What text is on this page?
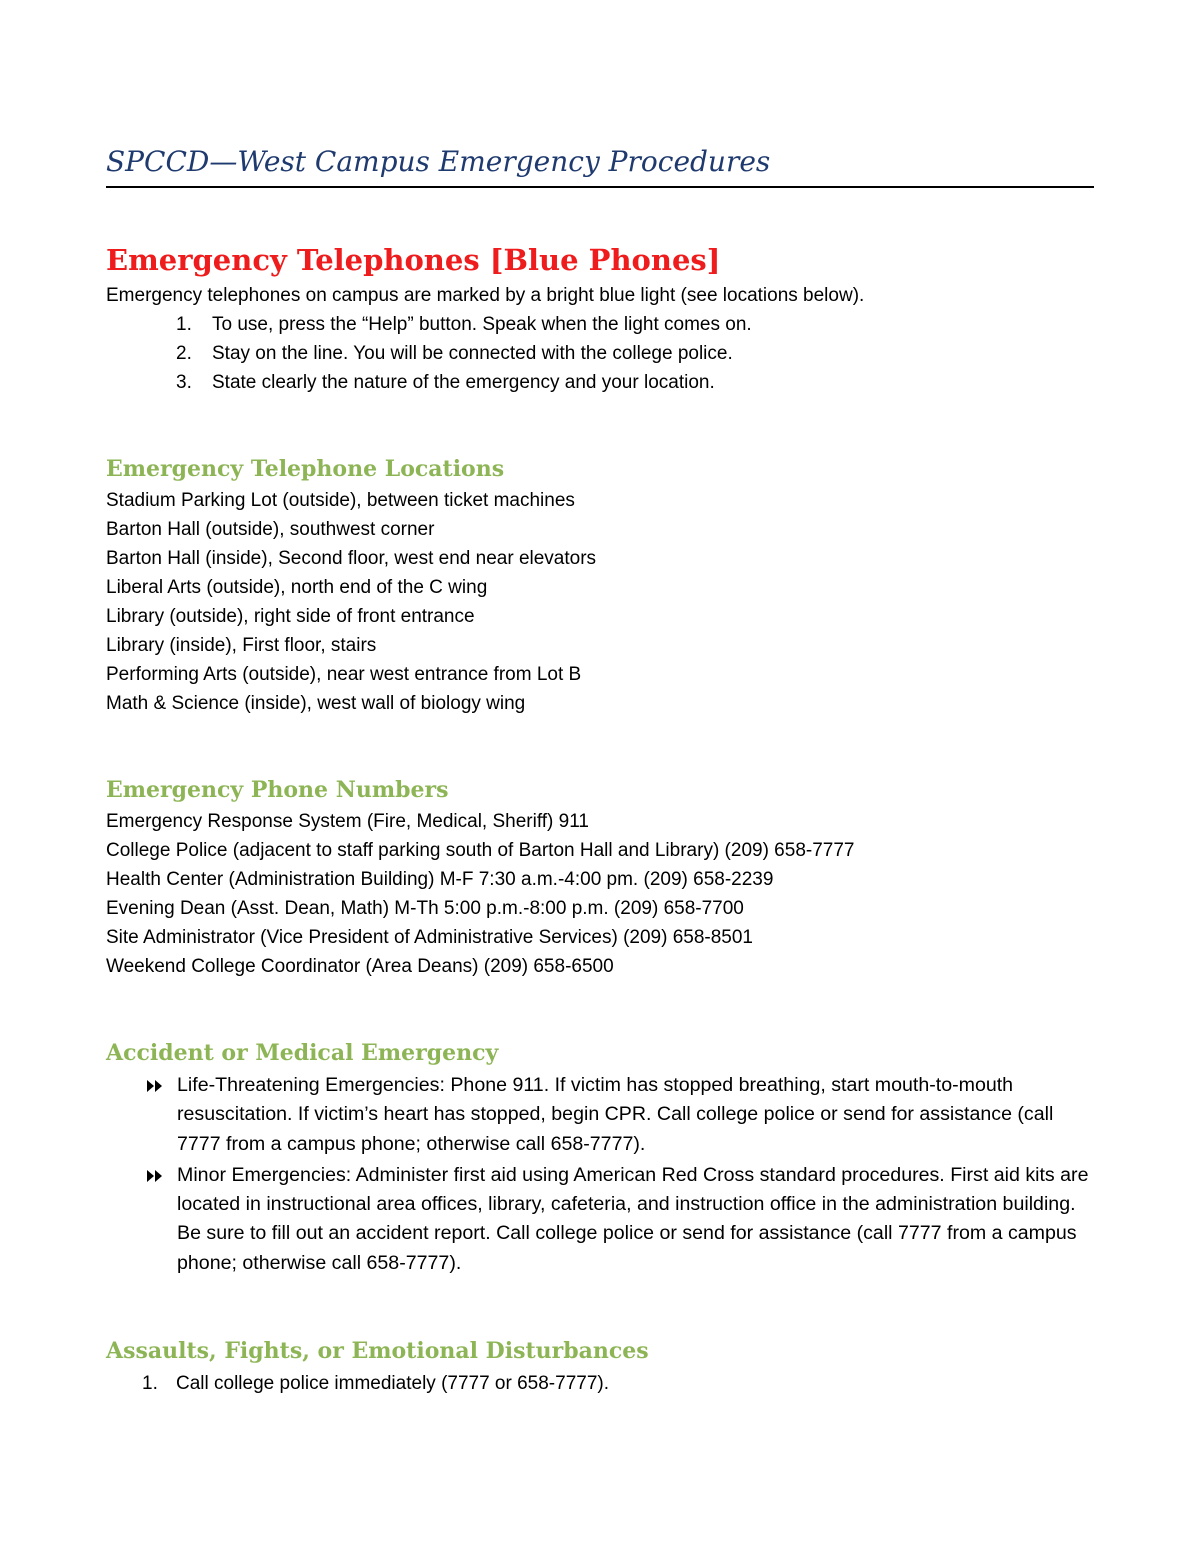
SPCCD—West Campus Emergency Procedures
Emergency Telephones [Blue Phones]

Emergency telephones on campus are marked by a bright blue light (see locations below).

1. To use, press the “Help” button. Speak when the light comes on.
2. Stay on the line. You will be connected with the college police.
3. State clearly the nature of the emergency and your location.
Emergency Telephone Locations
Stadium Parking Lot (outside), between ticket machines
Barton Hall (outside), southwest corner
Barton Hall (inside), Second floor, west end near elevators
Liberal Arts (outside), north end of the C wing
Library (outside), right side of front entrance
Library (inside), First floor, stairs
Performing Arts (outside), near west entrance from Lot B
Math & Science (inside), west wall of biology wing
Emergency Phone Numbers
Emergency Response System (Fire, Medical, Sheriff) 911
College Police (adjacent to staff parking south of Barton Hall and Library) (209) 658-7777
Health Center (Administration Building) M-F 7:30 a.m.-4:00 pm. (209) 658-2239
Evening Dean (Asst. Dean, Math) M-Th 5:00 p.m.-8:00 p.m. (209) 658-7700
Site Administrator (Vice President of Administrative Services) (209) 658-8501
Weekend College Coordinator (Area Deans) (209) 658-6500
Accident or Medical Emergency
Life-Threatening Emergencies: Phone 911. If victim has stopped breathing, start mouth-to-mouth resuscitation. If victim’s heart has stopped, begin CPR. Call college police or send for assistance (call 7777 from a campus phone; otherwise call 658-7777).
Minor Emergencies: Administer first aid using American Red Cross standard procedures. First aid kits are located in instructional area offices, library, cafeteria, and instruction office in the administration building. Be sure to fill out an accident report. Call college police or send for assistance (call 7777 from a campus phone; otherwise call 658-7777).
Assaults, Fights, or Emotional Disturbances
1. Call college police immediately (7777 or 658-7777).
